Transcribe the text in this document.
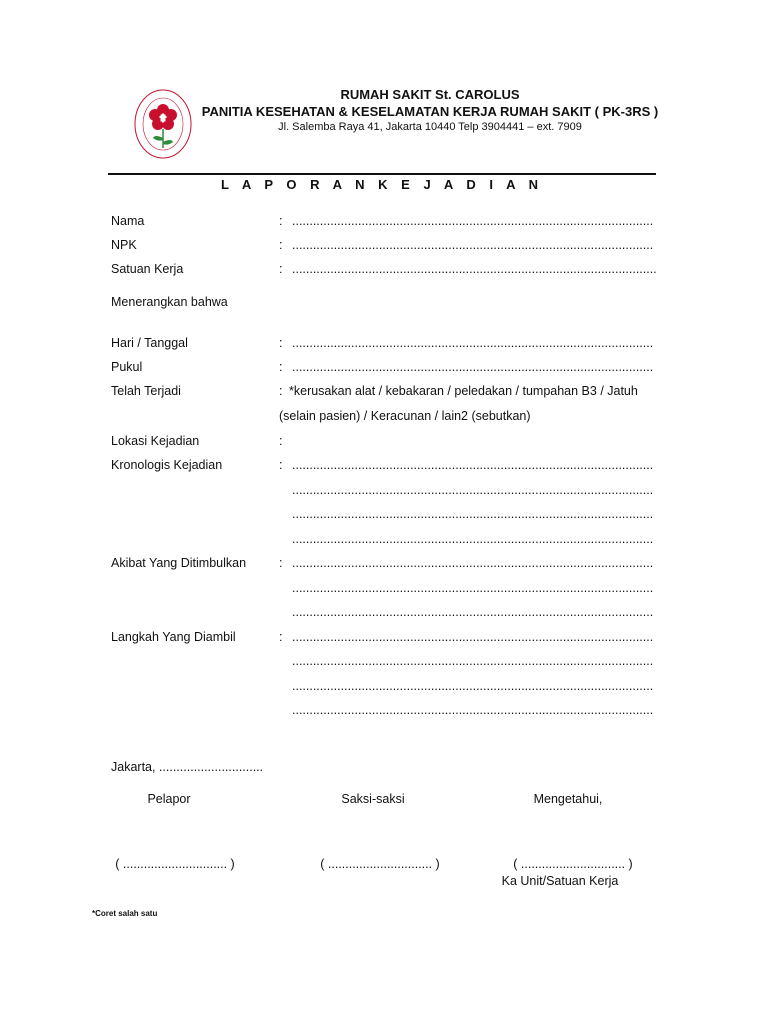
RUMAH SAKIT St. CAROLUS
PANITIA KESEHATAN & KESELAMATAN KERJA RUMAH SAKIT ( PK-3RS )
Jl. Salemba Raya 41, Jakarta 10440 Telp 3904441 – ext. 7909
L A P O R A N K E J A D I A N
Nama	: ........................................................................................................
NPK	: ........................................................................................................
Satuan Kerja	: .........................................................................................................
Menerangkan bahwa
Hari / Tanggal	: ........................................................................................................
Pukul	: ........................................................................................................
Telah Terjadi	: *kerusakan alat / kebakaran / peledakan / tumpahan B3 / Jatuh
(selain pasien) / Keracunan / lain2 (sebutkan)
Lokasi Kejadian	:
Kronologis Kejadian	: ........................................................................................................
........................................................................................................
........................................................................................................
........................................................................................................
Akibat Yang Ditimbulkan	: ........................................................................................................
........................................................................................................
........................................................................................................
Langkah Yang Diambil	: ........................................................................................................
........................................................................................................
........................................................................................................
........................................................................................................
Jakarta, ..............................
Pelapor	Saksi-saksi	Mengetahui,
( .............................. )	( .............................. )	( .............................. )
Ka Unit/Satuan Kerja
*Coret salah satu
